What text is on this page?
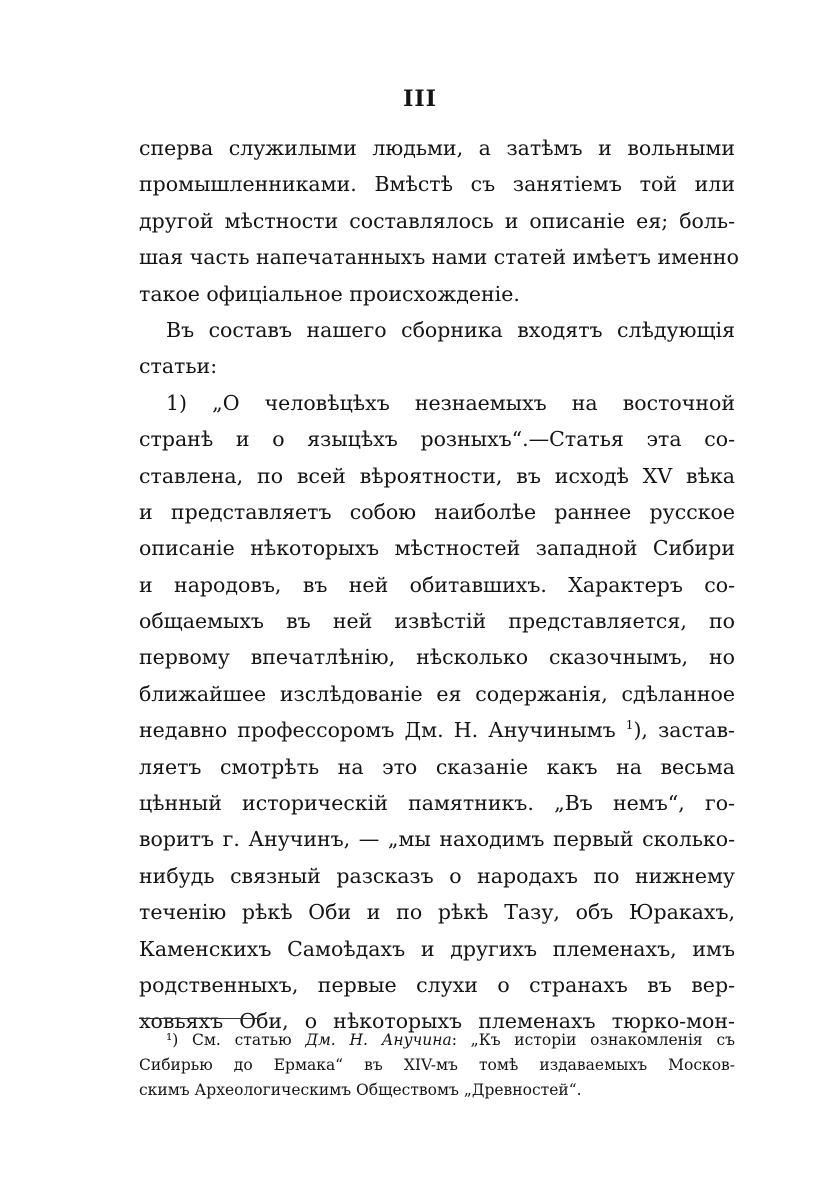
III
сперва служилыми людьми, а затѣмъ и вольными
промышленниками. Вмѣстѣ съ занятіемъ той или
другой мѣстности составлялось и описаніе ея; боль-
шая часть напечатанныхъ нами статей имѣетъ именно
такое офиціальное происхожденіе.
Въ составъ нашего сборника входятъ слѣдующія
статьи:
1) „О человѣцѣхъ незнаемыхъ на восточной
странѣ и о языцѣхъ розныхъ“.—Статья эта со-
ставлена, по всей вѣроятности, въ исходѣ XV вѣка
и представляетъ собою наиболѣе раннее русское
описаніе нѣкоторыхъ мѣстностей западной Сибири
и народовъ, въ ней обитавшихъ. Характеръ со-
общаемыхъ въ ней извѣстій представляется, по
первому впечатлѣнію, нѣсколько сказочнымъ, но
ближайшее изслѣдованіе ея содержанія, сдѣланное
недавно профессоромъ Дм. Н. Анучинымъ $^1$), застав-
ляетъ смотрѣть на это сказаніе какъ на весьма
цѣнный историческій памятникъ. „Въ немъ“, го-
воритъ г. Анучинъ, — „мы находимъ первый сколько-
нибудь связный разсказъ о народахъ по нижнему
теченію рѣкѣ Оби и по рѣкѣ Тазу, объ Юракахъ,
Каменскихъ Самоѣдахъ и другихъ племенахъ, имъ
родственныхъ, первые слухи о странахъ въ вер-
ховьяхъ Оби, о нѣкоторыхъ племенахъ тюрко-мон-
¹) См. статью Дм. Н. Анучина: „Къ исторіи ознакомленія съ
Сибирью до Ермака“ въ XIV-мъ томѣ издаваемыхъ Москов-
скимъ Археологическимъ Обществомъ „Древностей“.
